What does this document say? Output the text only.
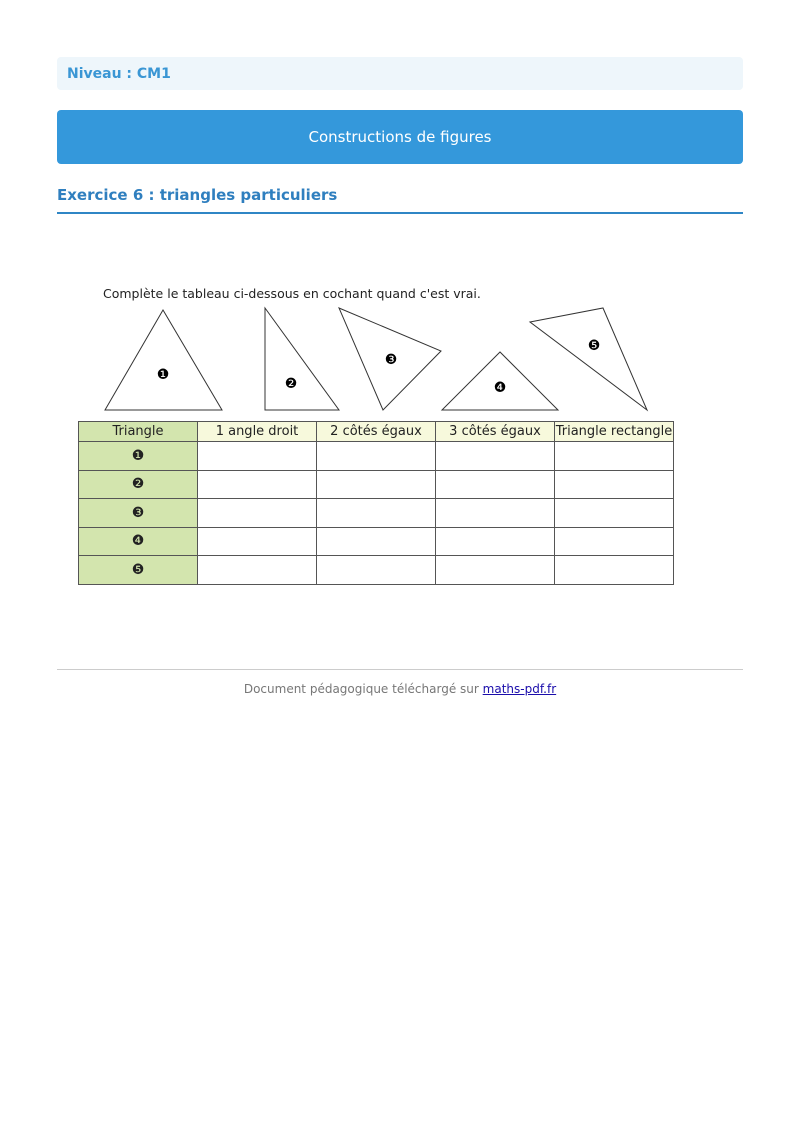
Niveau : CM1
Constructions de figures
Exercice 6 : triangles particuliers
Complète le tableau ci-dessous en cochant quand c'est vrai.
❶
❷
❸
❹
❺
Triangle	1 angle droit	2 côtés égaux	3 côtés égaux	Triangle rectangle
❶				
❷				
❸				
❹				
❺				
Document pédagogique téléchargé sur maths-pdf.fr
